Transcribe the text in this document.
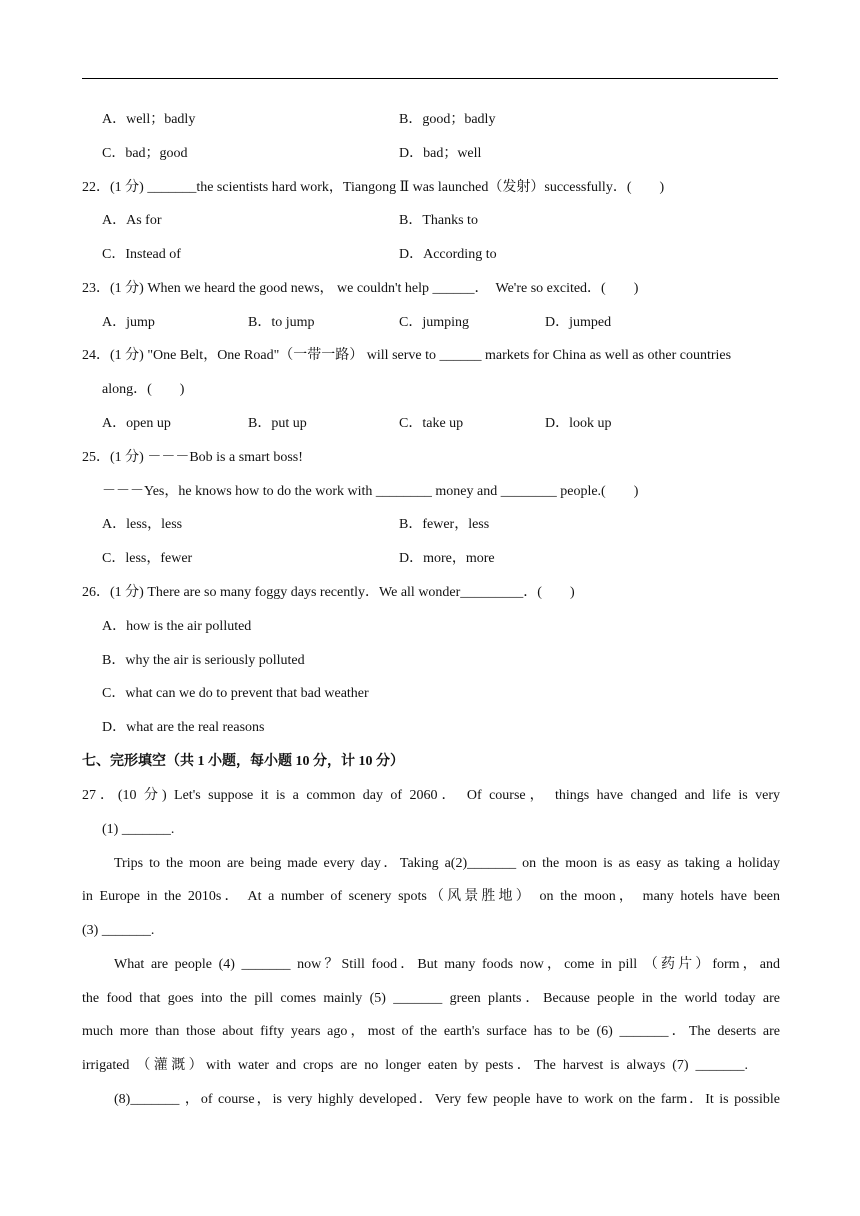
A．well；badly	B．good；badly
C．bad；good	D．bad；well
22．(1 分) _______the scientists hard work，Tiangong Ⅱ was launched（发射）successfully．(　　)
A．As for	B．Thanks to
C．Instead of	D．According to
23．(1 分) When we heard the good news， we couldn't help ______．　We're so excited．(　　)
A．jump	B．to jump	C．jumping	D．jumped
24．(1 分) "One Belt，One Road"（一带一路） will serve to ______ markets for China as well as other countries
along．(　　)
A．open up	B．put up	C．take up	D．look up
25．(1 分) －－－Bob is a smart boss!
－－－Yes，he knows how to do the work with ________ money and ________ people.(　　)
A．less，less	B．fewer，less
C．less，fewer	D．more，more
26．(1 分) There are so many foggy days recently．We all wonder_________．(　　)
A．how is the air polluted
B．why the air is seriously polluted
C．what can we do to prevent that bad weather
D．what are the real reasons
七、完形填空（共 1 小题，每小题 10 分，计 10 分）
27．(10 分) Let's suppose it is a common day of 2060． Of course， things have changed and life is very
(1) _______.
Trips to the moon are being made every day．Taking a(2)_______ on the moon is as easy as taking a holiday
in Europe in the 2010s． At a number of scenery spots（风景胜地） on the moon， many hotels have been
(3) _______.
What are people (4) _______ now？Still food．But many foods now，come in pill （药片）form，and
the food that goes into the pill comes mainly (5) _______ green plants．Because people in the world today are
much more than those about fifty years ago，most of the earth's surface has to be (6) _______．The deserts are
irrigated （灌溉）with water and crops are no longer eaten by pests．The harvest is always (7) _______.
(8)_______ ，of course，is very highly developed．Very few people have to work on the farm．It is possible
